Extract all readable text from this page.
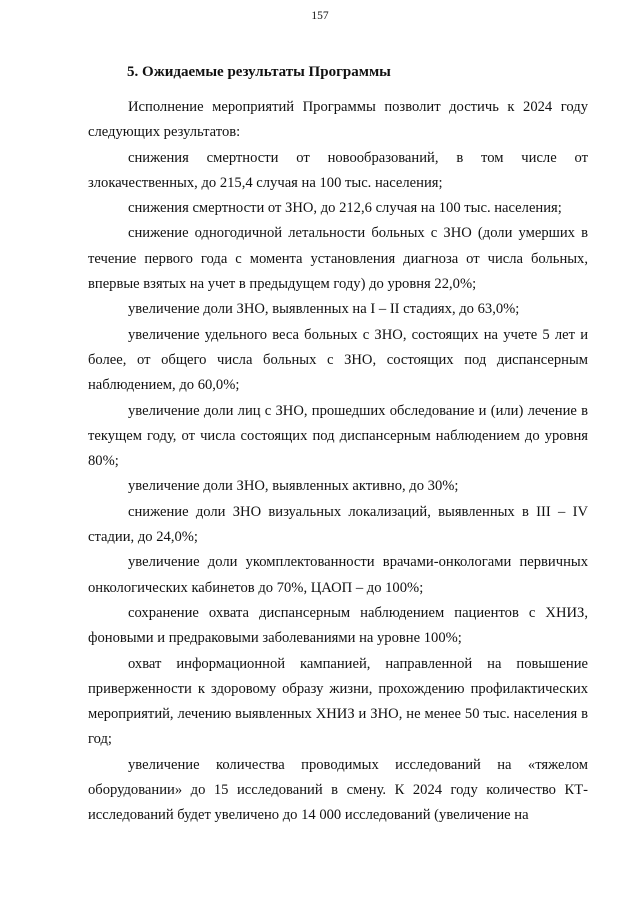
157
5. Ожидаемые результаты Программы

Исполнение мероприятий Программы позволит достичь к 2024 году следующих результатов:

снижения смертности от новообразований, в том числе от злокачественных, до 215,4 случая на 100 тыс. населения;

снижения смертности от ЗНО, до 212,6 случая на 100 тыс. населения;

снижение одногодичной летальности больных с ЗНО (доли умерших в течение первого года с момента установления диагноза от числа больных, впервые взятых на учет в предыдущем году) до уровня 22,0%;

увеличение доли ЗНО, выявленных на I – II стадиях, до 63,0%;

увеличение удельного веса больных с ЗНО, состоящих на учете 5 лет и более, от общего числа больных с ЗНО, состоящих под диспансерным наблюдением, до 60,0%;

увеличение доли лиц с ЗНО, прошедших обследование и (или) лечение в текущем году, от числа состоящих под диспансерным наблюдением до уровня 80%;

увеличение доли ЗНО, выявленных активно, до 30%;

снижение доли ЗНО визуальных локализаций, выявленных в III – IV стадии, до 24,0%;

увеличение доли укомплектованности врачами-онкологами первичных онкологических кабинетов до 70%, ЦАОП – до 100%;

сохранение охвата диспансерным наблюдением пациентов с ХНИЗ, фоновыми и предраковыми заболеваниями на уровне 100%;

охват информационной кампанией, направленной на повышение приверженности к здоровому образу жизни, прохождению профилактических мероприятий, лечению выявленных ХНИЗ и ЗНО, не менее 50 тыс. населения в год;

увеличение количества проводимых исследований на «тяжелом оборудовании» до 15 исследований в смену. К 2024 году количество КТ-исследований будет увеличено до 14 000 исследований (увеличение на
